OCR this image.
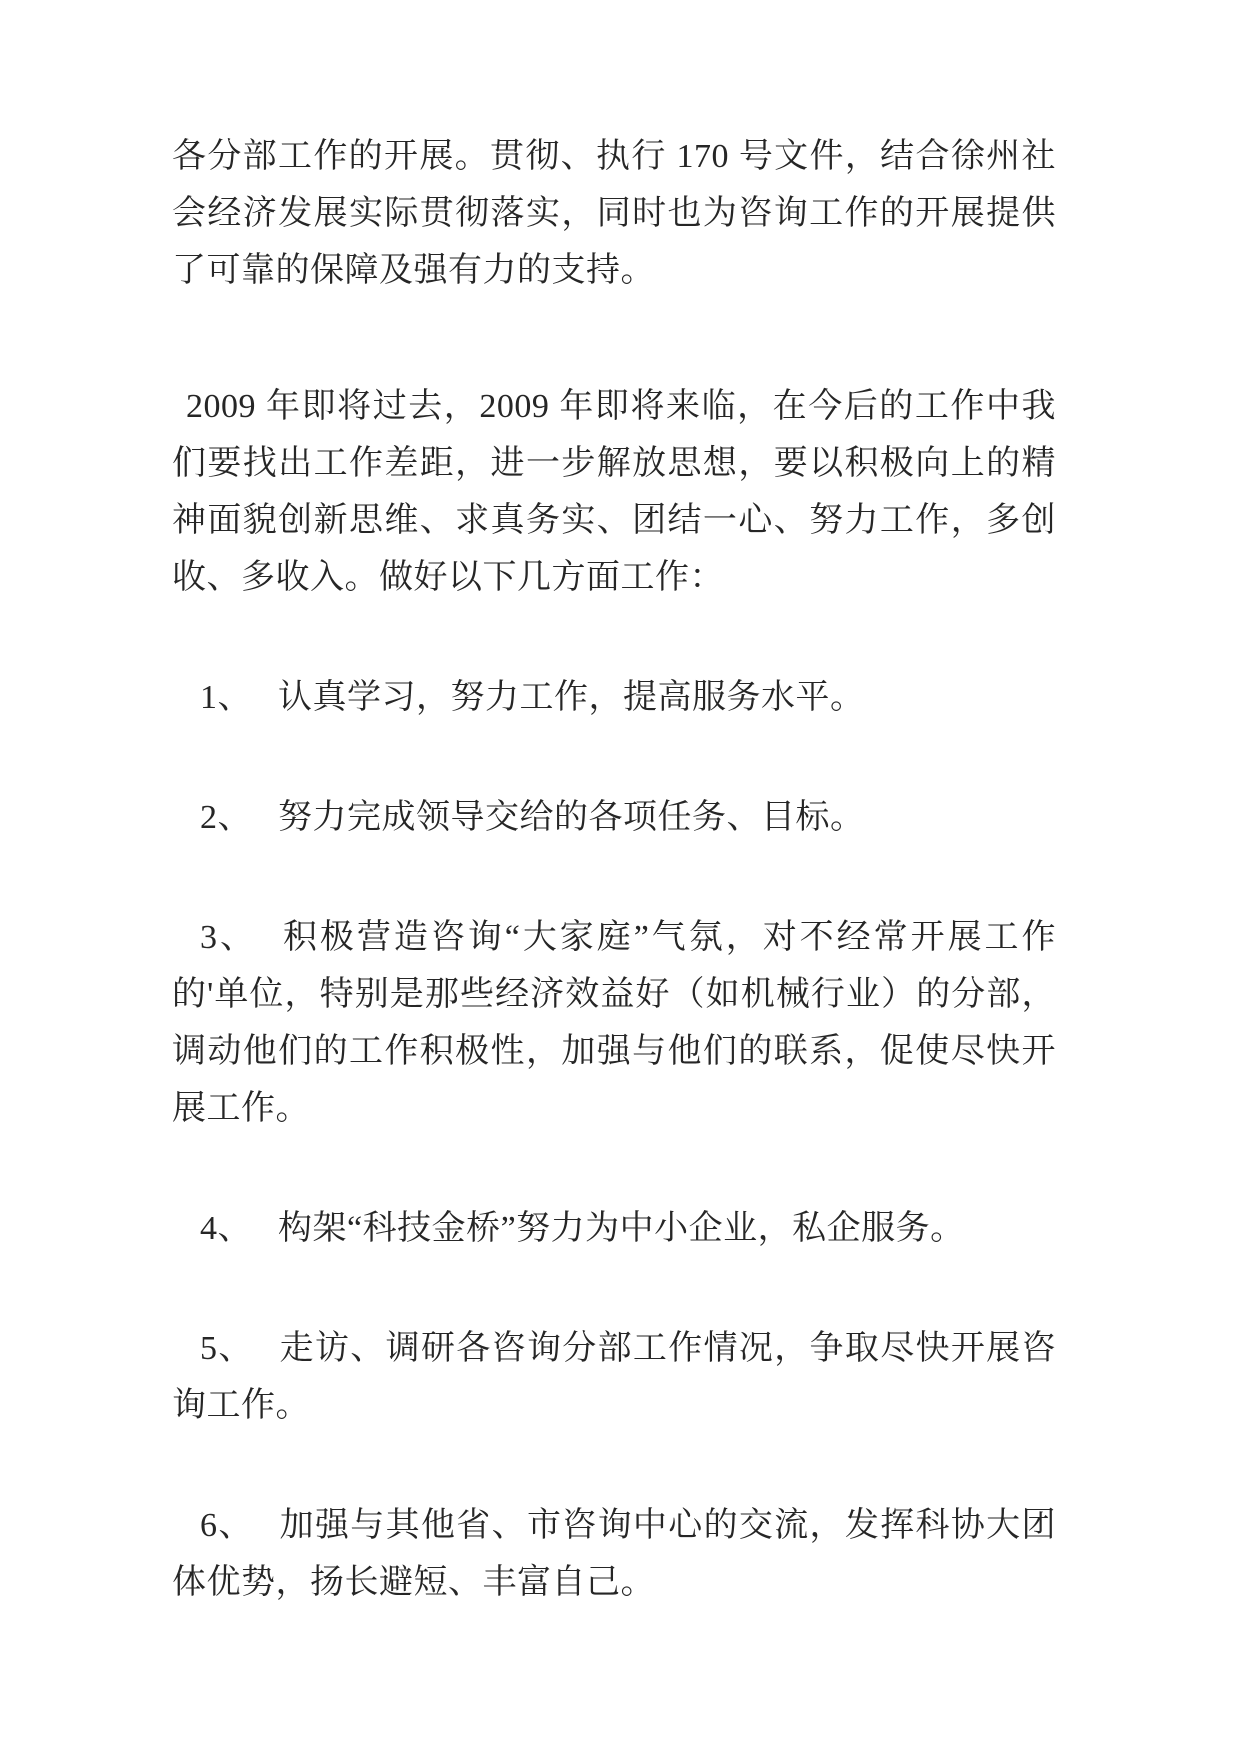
各分部工作的开展。贯彻、执行 170 号文件，结合徐州社会经济发展实际贯彻落实，同时也为咨询工作的开展提供了可靠的保障及强有力的支持。

2009 年即将过去，2009 年即将来临，在今后的工作中我们要找出工作差距，进一步解放思想，要以积极向上的精神面貌创新思维、求真务实、团结一心、努力工作，多创收、多收入。做好以下几方面工作：

1、 认真学习，努力工作，提高服务水平。

2、 努力完成领导交给的各项任务、目标。

3、 积极营造咨询“大家庭”气氛，对不经常开展工作的'单位，特别是那些经济效益好（如机械行业）的分部，调动他们的工作积极性，加强与他们的联系，促使尽快开展工作。

4、 构架“科技金桥”努力为中小企业，私企服务。

5、 走访、调研各咨询分部工作情况，争取尽快开展咨询工作。

6、 加强与其他省、市咨询中心的交流，发挥科协大团体优势，扬长避短、丰富自己。
